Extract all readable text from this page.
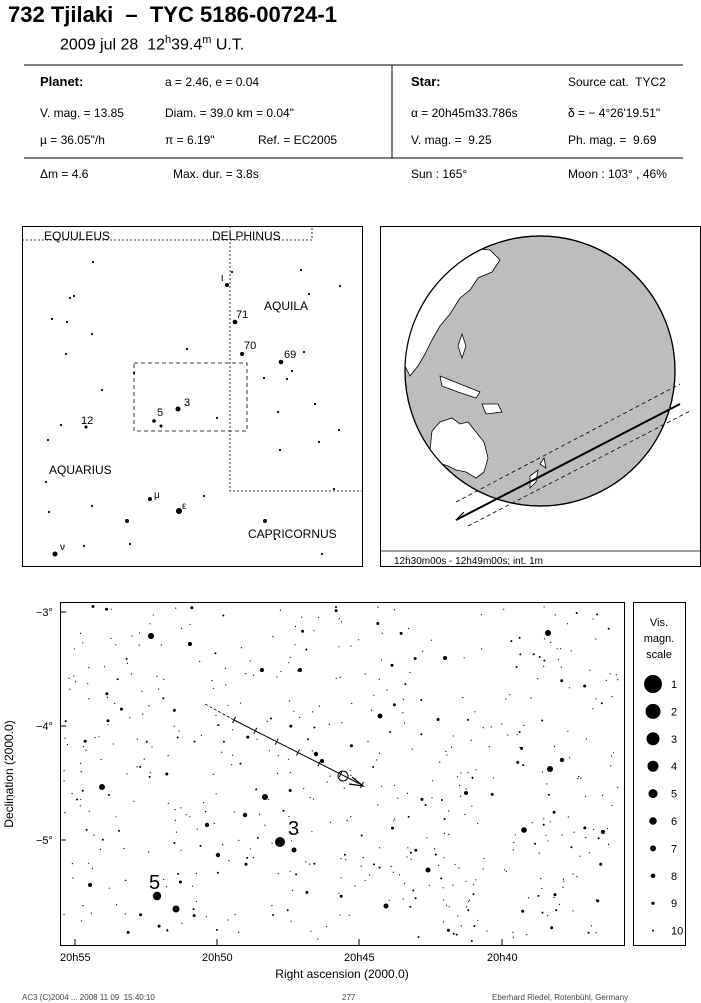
732 Tjilaki  –  TYC 5186-00724-1
2009 jul 28 12$^h$39.4$^m$ U.T.
Planet:	a = 2.46, e = 0.04
V. mag. = 13.85	Diam. = 39.0 km = 0.04"
µ = 36.05"/h	π = 6.19"	Ref. = EC2005
Δm = 4.6	Max. dur. = 3.8s
Star:	Source cat.  TYC2
α = 20h45m33.786s	δ = − 4°26'19.51"
V. mag. =  9.25	Ph. mag. =  9.69
Sun : 165°	Moon : 103° , 46%
EQUULEUS	DELPHINUS
AQUILA
AQUARIUS
CAPRICORNUS
ι
71
70
69
3
5
12
μ
ε
ν
12h30m00s - 12h49m00s; int. 1m
−3°
−4°
−5°
20h55	20h50	20h45	20h40
Right ascension (2000.0)
Declination (2000.0)
3
5
Vis.
magn.
scale
1
2
3
4
5
6
7
8
9
10
AC3 (C)2004 ... 2008 11 09  15:40:10	277	Eberhard Riedel, Rotenbühl, Germany
